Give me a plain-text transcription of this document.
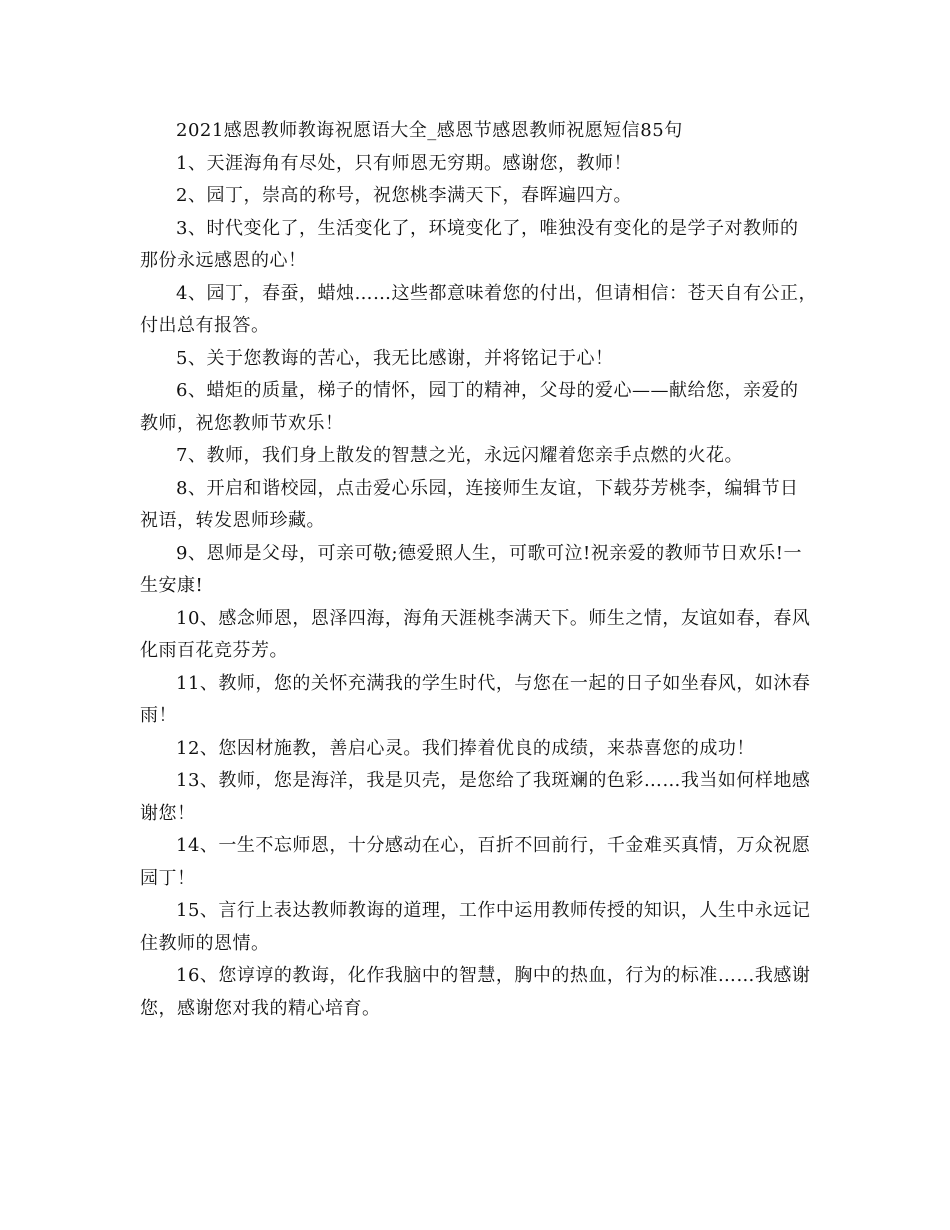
2021感恩教师教诲祝愿语大全_感恩节感恩教师祝愿短信85句
1、天涯海角有尽处，只有师恩无穷期。感谢您，教师！
2、园丁，崇高的称号，祝您桃李满天下，春晖遍四方。
3、时代变化了，生活变化了，环境变化了，唯独没有变化的是学子对教师的
那份永远感恩的心！
4、园丁，春蚕，蜡烛……这些都意味着您的付出，但请相信：苍天自有公正，
付出总有报答。
5、关于您教诲的苦心，我无比感谢，并将铭记于心！
6、蜡炬的质量，梯子的情怀，园丁的精神，父母的爱心——献给您，亲爱的
教师，祝您教师节欢乐！
7、教师，我们身上散发的智慧之光，永远闪耀着您亲手点燃的火花。
8、开启和谐校园，点击爱心乐园，连接师生友谊，下载芬芳桃李，编辑节日
祝语，转发恩师珍藏。
9、恩师是父母，可亲可敬;德爱照人生，可歌可泣!祝亲爱的教师节日欢乐!一
生安康!
10、感念师恩，恩泽四海，海角天涯桃李满天下。师生之情，友谊如春，春风
化雨百花竞芬芳。
11、教师，您的关怀充满我的学生时代，与您在一起的日子如坐春风，如沐春
雨！
12、您因材施教，善启心灵。我们捧着优良的成绩，来恭喜您的成功！
13、教师，您是海洋，我是贝壳，是您给了我斑斓的色彩……我当如何样地感
谢您！
14、一生不忘师恩，十分感动在心，百折不回前行，千金难买真情，万众祝愿
园丁！
15、言行上表达教师教诲的道理，工作中运用教师传授的知识，人生中永远记
住教师的恩情。
16、您谆谆的教诲，化作我脑中的智慧，胸中的热血，行为的标准……我感谢
您，感谢您对我的精心培育。
